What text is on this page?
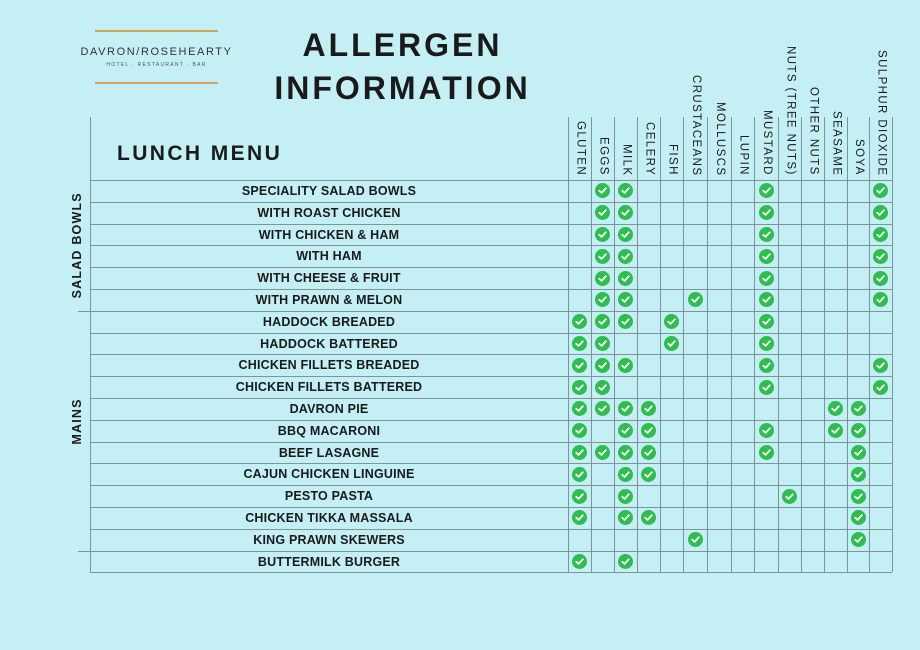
DAVRON/ROSEHEARTY
HOTEL · RESTAURANT · BAR
ALLERGEN
INFORMATION
LUNCH MENU	GLUTEN EGGS MILK CELERY FISH CRUSTACEANS MOLLUSCS LUPIN MUSTARD NUTS (TREE NUTS) OTHER NUTS SEASAME SOYA SULPHUR DIOXIDE
SPECIALITY SALAD BOWLS
WITH ROAST CHICKEN
WITH CHICKEN & HAM
WITH HAM
WITH CHEESE & FRUIT
WITH PRAWN & MELON
HADDOCK BREADED
HADDOCK BATTERED
CHICKEN FILLETS BREADED
CHICKEN FILLETS BATTERED
DAVRON PIE
BBQ MACARONI
BEEF LASAGNE
CAJUN CHICKEN LINGUINE
PESTO PASTA
CHICKEN TIKKA MASSALA
KING PRAWN SKEWERS
BUTTERMILK BURGER
SALAD BOWLS
MAINS
